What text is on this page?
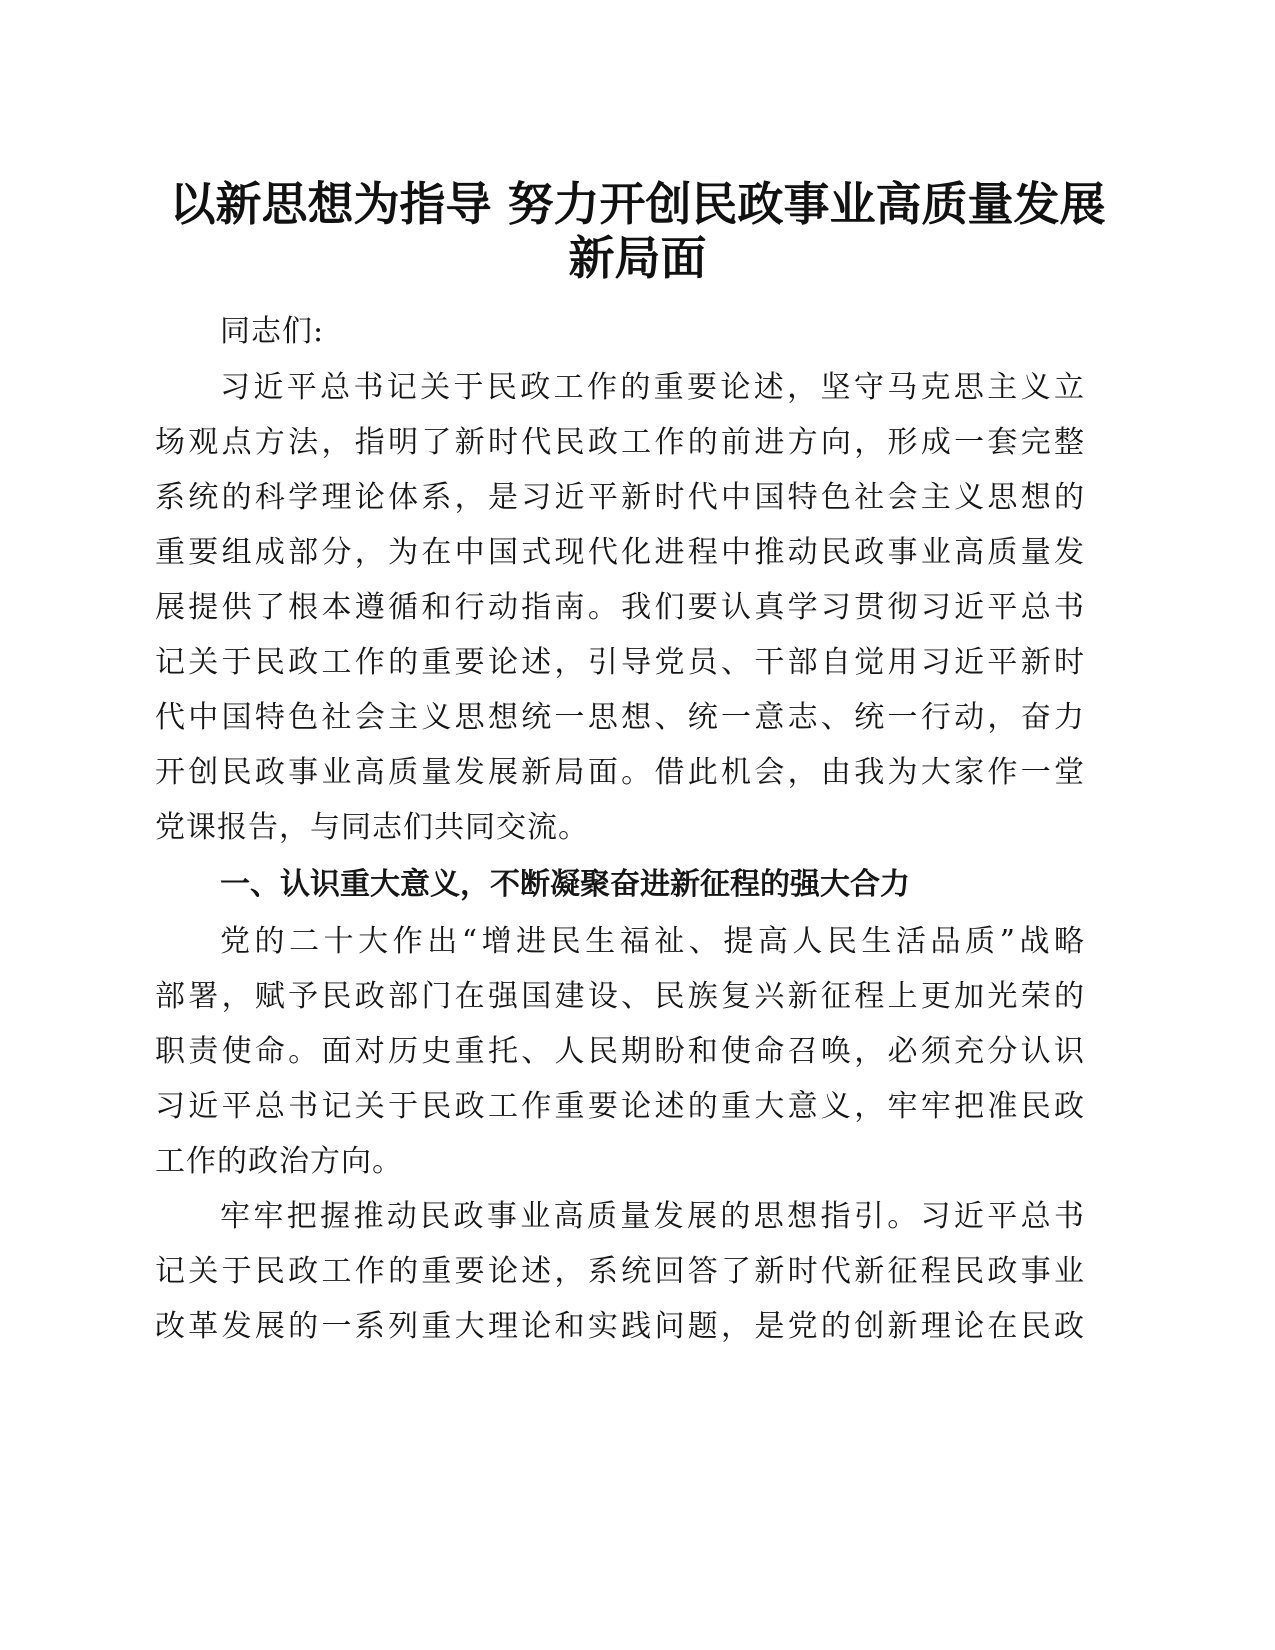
以新思想为指导 努力开创民政事业高质量发展
新局面
同志们:
习近平总书记关于民政工作的重要论述，坚守马克思主义立
场观点方法，指明了新时代民政工作的前进方向，形成一套完整
系统的科学理论体系，是习近平新时代中国特色社会主义思想的
重要组成部分，为在中国式现代化进程中推动民政事业高质量发
展提供了根本遵循和行动指南。我们要认真学习贯彻习近平总书
记关于民政工作的重要论述，引导党员、干部自觉用习近平新时
代中国特色社会主义思想统一思想、统一意志、统一行动，奋力
开创民政事业高质量发展新局面。借此机会，由我为大家作一堂
党课报告，与同志们共同交流。
一、认识重大意义，不断凝聚奋进新征程的强大合力
党的二十大作出“增进民生福祉、提高人民生活品质”战略
部署，赋予民政部门在强国建设、民族复兴新征程上更加光荣的
职责使命。面对历史重托、人民期盼和使命召唤，必须充分认识
习近平总书记关于民政工作重要论述的重大意义，牢牢把准民政
工作的政治方向。
牢牢把握推动民政事业高质量发展的思想指引。习近平总书
记关于民政工作的重要论述，系统回答了新时代新征程民政事业
改革发展的一系列重大理论和实践问题，是党的创新理论在民政
